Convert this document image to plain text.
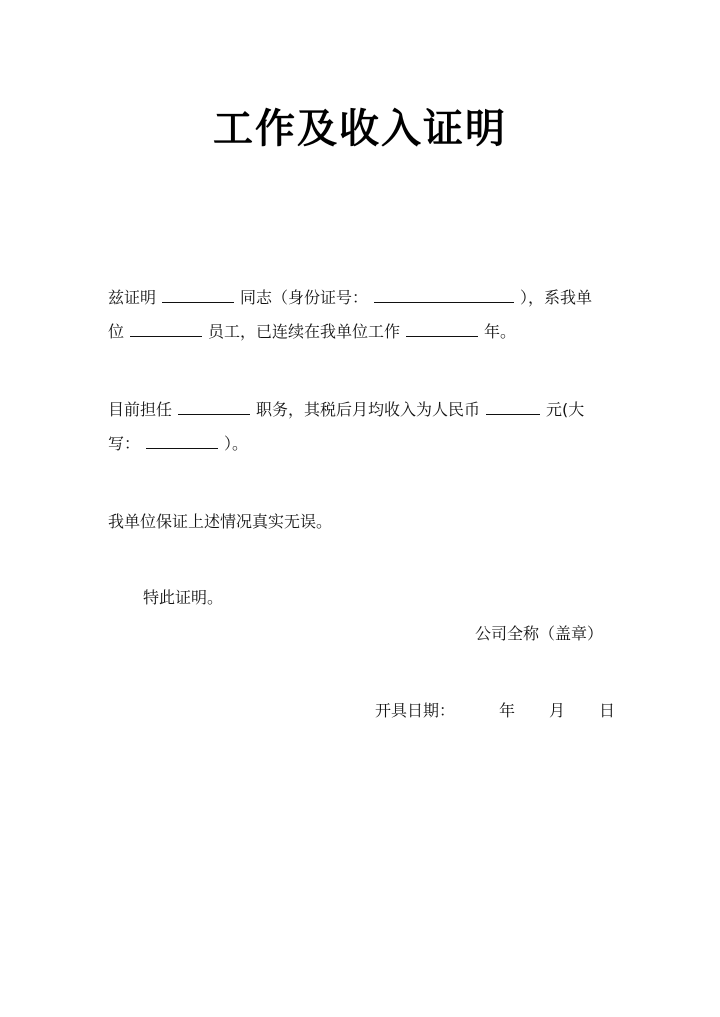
工作及收入证明
兹证明	同志（身份证号：	），系我单
位	员工，已连续在我单位工作	年。
目前担任	职务，其税后月均收入为人民币	元(大
写：	）。
我单位保证上述情况真实无误。
特此证明。
公司全称（盖章）
开具日期：	年 月 日
